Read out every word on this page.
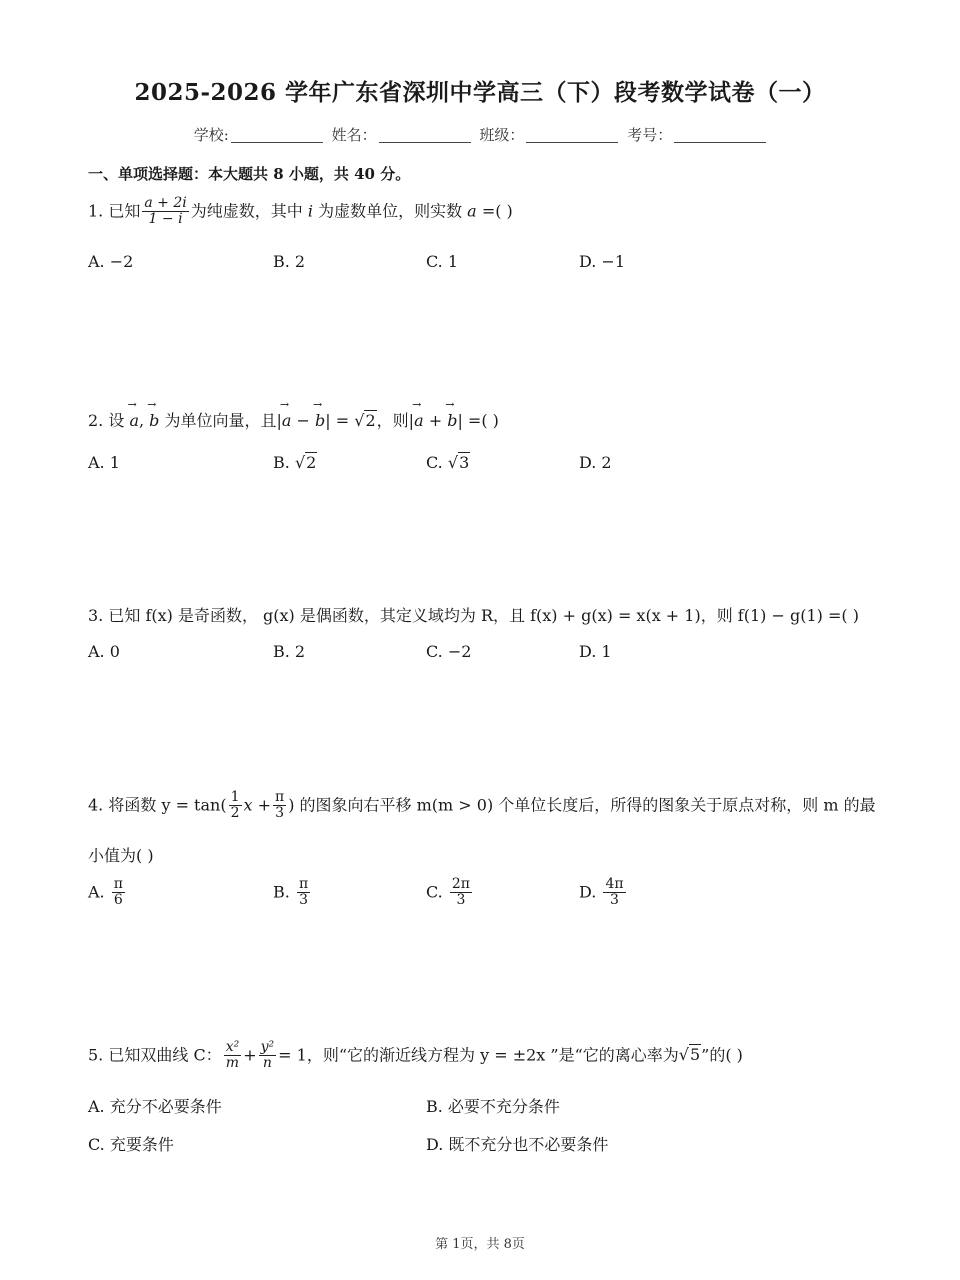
2025-2026 学年广东省深圳中学高三（下）段考数学试卷（一）
学校:	姓名：	班级：	考号：
一、单项选择题：本大题共 8 小题，共 40 分。
1. 已知 $\frac{a + 2i}{1 - i}$ 为纯虚数，其中 i 为虚数单位，则实数 a =( )
A. −2	B. 2	C. 1	D. −1
2. 设 → a, → b 为单位向量，且|→ a − → b| = √2，则|→ a + → b| =( )
A. 1	B. √2	C. √3	D. 2
3. 已知 f(x) 是奇函数， g(x) 是偶函数，其定义域均为 R，且 f(x) + g(x) = x(x + 1)，则 f(1) − g(1) =( )
A. 0	B. 2	C. −2	D. 1
4. 将函数 $y = \tan( \frac{1}{2}$ $x + \frac{\pi}{3}$ ) 的图象向右平移 m(m > 0) 个单位长度后，所得的图象关于原点对称，则 m 的最
小值为( )
A. $\frac{\pi}{6}$	B. $\frac{\pi}{3}$	C. $\frac{2\pi}{3}$	D. $\frac{4\pi}{3}$
5. 已知双曲线 C： $\frac{\text{x²}}{m} + \frac{\text{y²}}{n} = 1$，则“它的渐近线方程为 y = ±2x ”是“它的离心率为√5”的( )
A. 充分不必要条件	B. 必要不充分条件
C. 充要条件	D. 既不充分也不必要条件
第 1页，共 8页
